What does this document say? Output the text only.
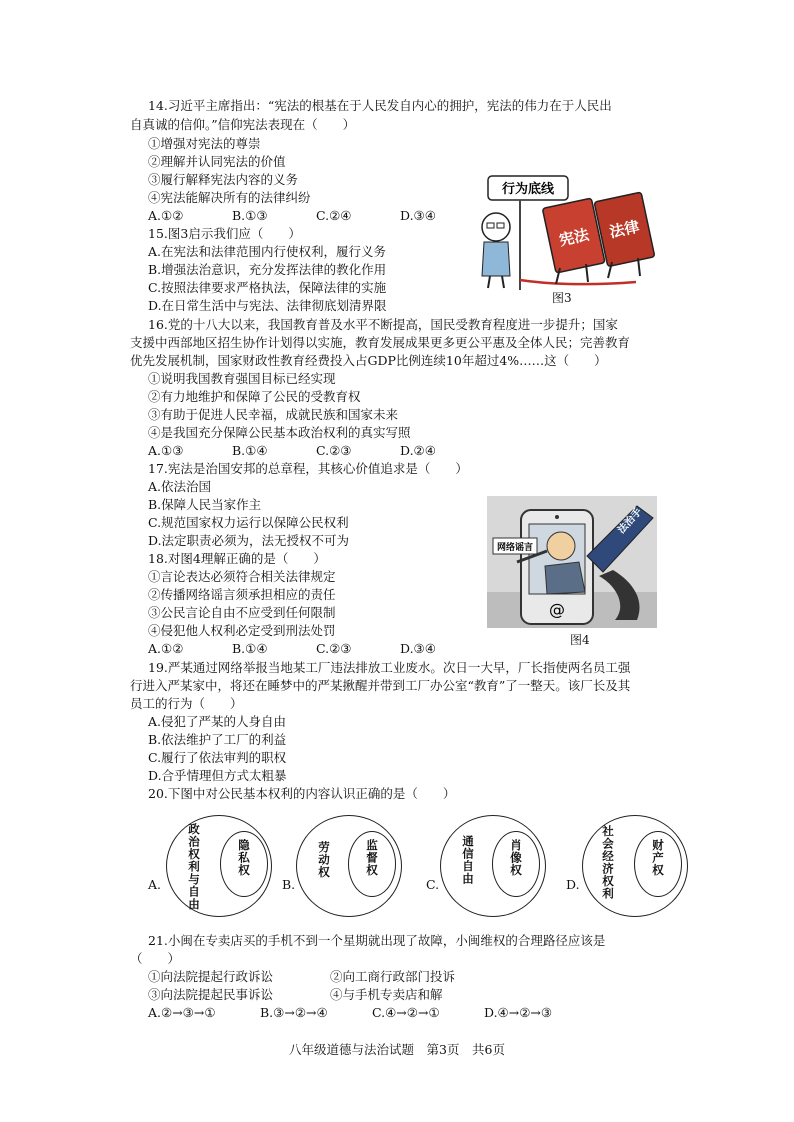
14.习近平主席指出：“宪法的根基在于人民发自内心的拥护，宪法的伟力在于人民出
自真诚的信仰。”信仰宪法表现在（　　）
①增强对宪法的尊崇
②理解并认同宪法的价值
③履行解释宪法内容的义务
④宪法能解决所有的法律纠纷
A.①②	B.①③	C.②④	D.③④
15.图3启示我们应（　　）
A.在宪法和法律范围内行使权利，履行义务
B.增强法治意识，充分发挥法律的教化作用
C.按照法律要求严格执法，保障法律的实施
D.在日常生活中与宪法、法律彻底划清界限
行为底线
宪法 法律
图3
16.党的十八大以来，我国教育普及水平不断提高，国民受教育程度进一步提升；国家
支援中西部地区招生协作计划得以实施，教育发展成果更多更公平惠及全体人民；完善教育
优先发展机制，国家财政性教育经费投入占GDP比例连续10年超过4%……这（　　）
①说明我国教育强国目标已经实现
②有力地维护和保障了公民的受教育权
③有助于促进人民幸福，成就民族和国家未来
④是我国充分保障公民基本政治权利的真实写照
A.①③	B.①④	C.②③	D.②④
17.宪法是治国安邦的总章程，其核心价值追求是（　　）
A.依法治国
B.保障人民当家作主
C.规范国家权力运行以保障公民权利
D.法定职责必须为，法无授权不可为
18.对图4理解正确的是（　　）
①言论表达必须符合相关法律规定
②传播网络谣言须承担相应的责任
③公民言论自由不应受到任何限制
④侵犯他人权利必定受到刑法处罚
A.①②	B.①④	C.②③	D.③④
@
网络谣言
法治手
图4
19.严某通过网络举报当地某工厂违法排放工业废水。次日一大早，厂长指使两名员工强
行进入严某家中，将还在睡梦中的严某揪醒并带到工厂办公室“教育”了一整天。该厂长及其
员工的行为（　　）
A.侵犯了严某的人身自由
B.依法维护了工厂的利益
C.履行了依法审判的职权
D.合乎情理但方式太粗暴
20.下图中对公民基本权利的内容认识正确的是（　　）
A. 政治权利与自由	隐私权
B.
劳动权	监督权
C. 通信自由	肖像权
D. 社会经济权利	财产权
21.小闽在专卖店买的手机不到一个星期就出现了故障，小闽维权的合理路径应该是
（　　）
①向法院提起行政诉讼	②向工商行政部门投诉
③向法院提起民事诉讼	④与手机专卖店和解
A.②→③→①	B.③→②→④	C.④→②→①	D.④→②→③
八年级道德与法治试题　第3页　共6页
